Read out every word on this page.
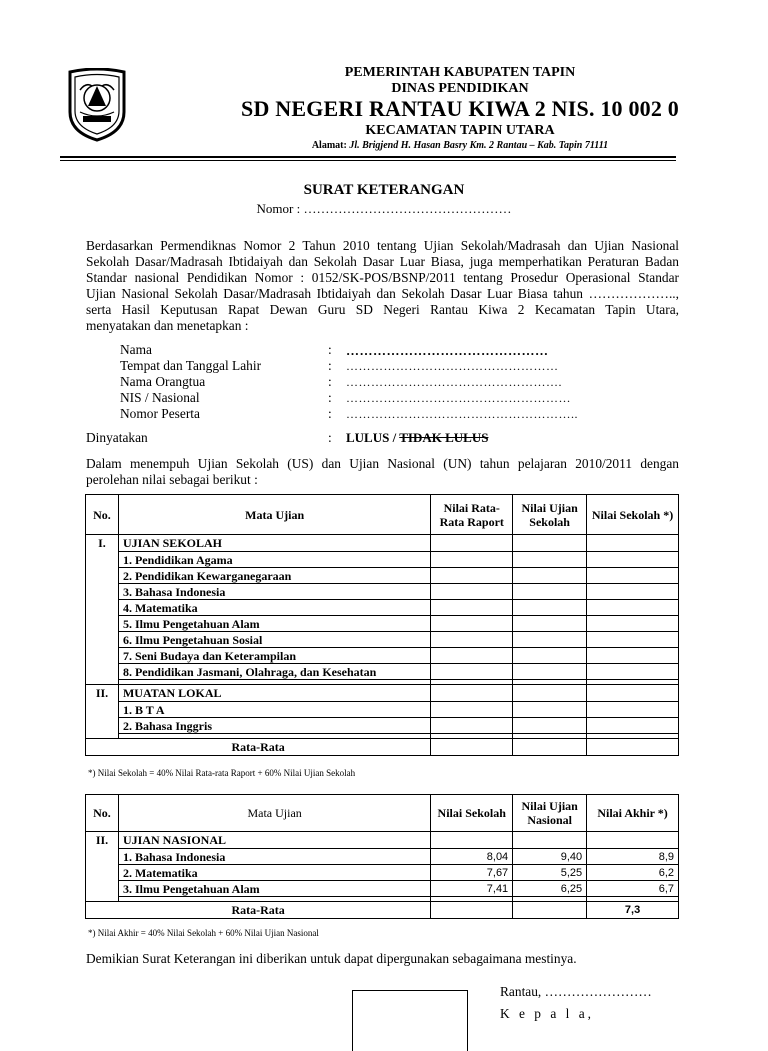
PEMERINTAH KABUPATEN TAPIN
DINAS PENDIDIKAN
SD NEGERI RANTAU KIWA 2 NIS. 10 002 0
KECAMATAN TAPIN UTARA
Alamat: Jl. Brigjend H. Hasan Basry Km. 2 Rantau – Kab. Tapin 71111
SURAT KETERANGAN
Nomor : …………………………………………
Berdasarkan Permendiknas Nomor 2 Tahun 2010 tentang Ujian Sekolah/Madrasah dan Ujian Nasional
Sekolah Dasar/Madrasah Ibtidaiyah dan Sekolah Dasar Luar Biasa, juga memperhatikan Peraturan Badan
Standar nasional Pendidikan Nomor : 0152/SK-POS/BSNP/2011 tentang Prosedur Operasional Standar
Ujian Nasional Sekolah Dasar/Madrasah Ibtidaiyah dan Sekolah Dasar Luar Biasa tahun ………………..,
serta Hasil Keputusan Rapat Dewan Guru SD Negeri Rantau Kiwa 2 Kecamatan Tapin Utara,
menyatakan dan menetapkan :
Nama	: ………………………………………
Tempat dan Tanggal Lahir	: ……………………………………………
Nama Orangtua	: …………………………………………….
NIS / Nasional	: ………………………………………………
Nomor Peserta	: ………………………………………………..
Dinyatakan	: LULUS / TIDAK LULUS
Dalam menempuh Ujian Sekolah (US) dan Ujian Nasional (UN) tahun pelajaran 2010/2011 dengan
perolehan nilai sebagai berikut :
No.	Mata Ujian	Nilai Rata-Rata Raport	Nilai Ujian Sekolah	Nilai Sekolah *)
I.	UJIAN SEKOLAH			
	1. Pendidikan Agama			
	2. Pendidikan Kewarganegaraan			
	3. Bahasa Indonesia			
	4. Matematika			
	5. Ilmu Pengetahuan Alam			
	6. Ilmu Pengetahuan Sosial			
	7. Seni Budaya dan Keterampilan			
	8. Pendidikan Jasmani, Olahraga, dan Kesehatan			

II.	MUATAN LOKAL			
	1. B T A			
	2. Bahasa Inggris			

Rata-Rata				
*) Nilai Sekolah = 40% Nilai Rata-rata Raport + 60% Nilai Ujian Sekolah
No.	Mata Ujian	Nilai Sekolah	Nilai Ujian Nasional	Nilai Akhir *)
II.	UJIAN NASIONAL			
	1. Bahasa Indonesia	8,04	9,40	8,9
	2. Matematika	7,67	5,25	6,2
	3. Ilmu Pengetahuan Alam	7,41	6,25	6,7

Rata-Rata				7,3
*) Nilai Akhir = 40% Nilai Sekolah + 60% Nilai Ujian Nasional
Demikian Surat Keterangan ini diberikan untuk dapat dipergunakan sebagaimana mestinya.
Rantau, ……………………
K e p a l a,
